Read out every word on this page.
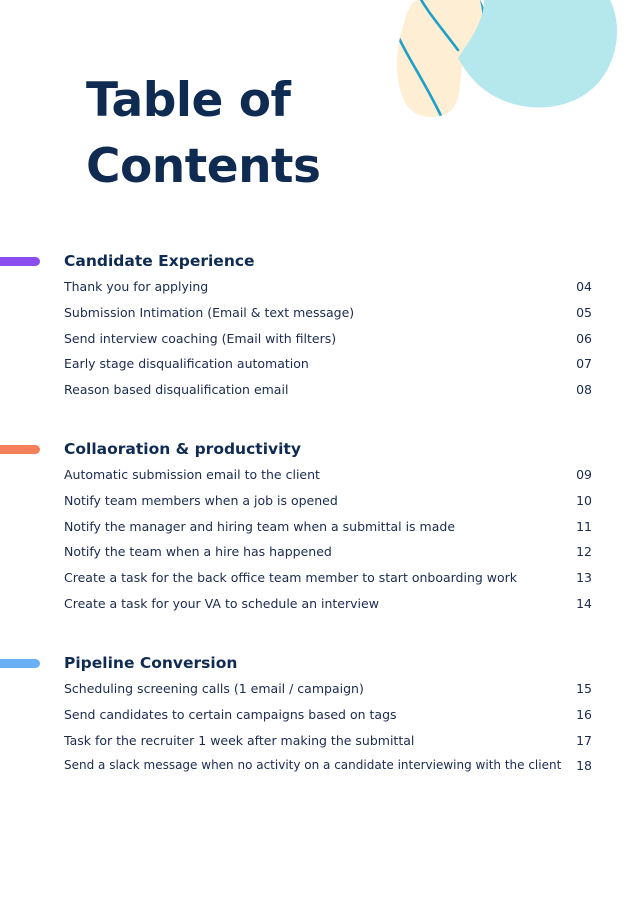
Table of
Contents
Candidate Experience
Thank you for applying	04
Submission Intimation (Email & text message)	05
Send interview coaching (Email with filters)	06
Early stage disqualification automation	07
Reason based disqualification email	08
Collaoration & productivity
Automatic submission email to the client	09
Notify team members when a job is opened	10
Notify the manager and hiring team when a submittal is made	11
Notify the team when a hire has happened	12
Create a task for the back office team member to start onboarding work	13
Create a task for your VA to schedule an interview	14
Pipeline Conversion
Scheduling screening calls (1 email / campaign)	15
Send candidates to certain campaigns based on tags	16
Task for the recruiter 1 week after making the submittal	17
Send a slack message when no activity on a candidate interviewing with the client 18
